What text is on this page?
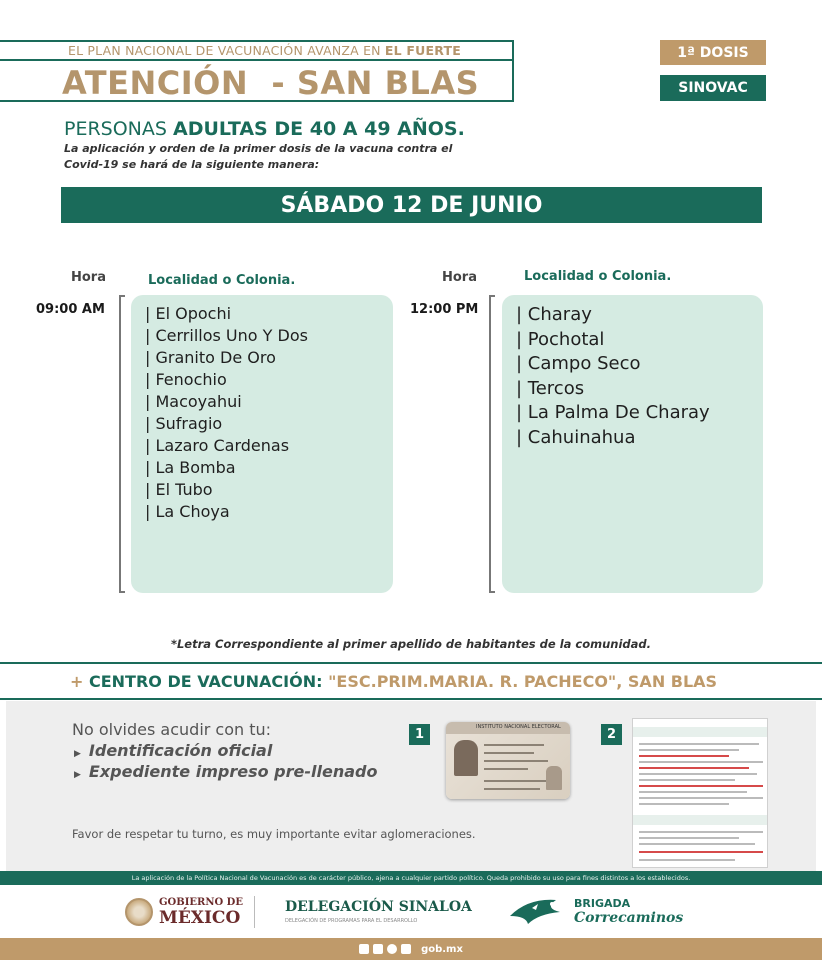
EL PLAN NACIONAL DE VACUNACIÓN AVANZA EN EL FUERTE
ATENCIÓN  - SAN BLAS
1ª DOSIS
SINOVAC
PERSONAS ADULTAS DE 40 A 49 AÑOS.
La aplicación y orden de la primer dosis de la vacuna contra el Covid-19 se hará de la siguiente manera:
SÁBADO 12 DE JUNIO
Hora	Localidad o Colonia.
09:00 AM	| El Opochi
| Cerrillos Uno Y Dos
| Granito De Oro
| Fenochio
| Macoyahui
| Sufragio
| Lazaro Cardenas
| La Bomba
| El Tubo
| La Choya
Hora	Localidad o Colonia.
12:00 PM | Charay
| Pochotal
| Campo Seco
| Tercos
| La Palma De Charay
| Cahuinahua
*Letra Correspondiente al primer apellido de habitantes de la comunidad.
+ CENTRO DE VACUNACIÓN: "ESC.PRIM.MARIA. R. PACHECO", SAN BLAS
No olvides acudir con tu:
▶ Identificación oficial
▶ Expediente impreso pre-llenado
Favor de respetar tu turno, es muy importante evitar aglomeraciones.
1	INSTITUTO NACIONAL ELECTORAL	2
La aplicación de la Política Nacional de Vacunación es de carácter público, ajena a cualquier partido político. Queda prohibido su uso para fines distintos a los establecidos.
GOBIERNO DE
MÉXICO
DELEGACIÓN SINALOA
DELEGACIÓN DE PROGRAMAS PARA EL DESARROLLO
BRIGADA
Correcaminos
gob.mx
